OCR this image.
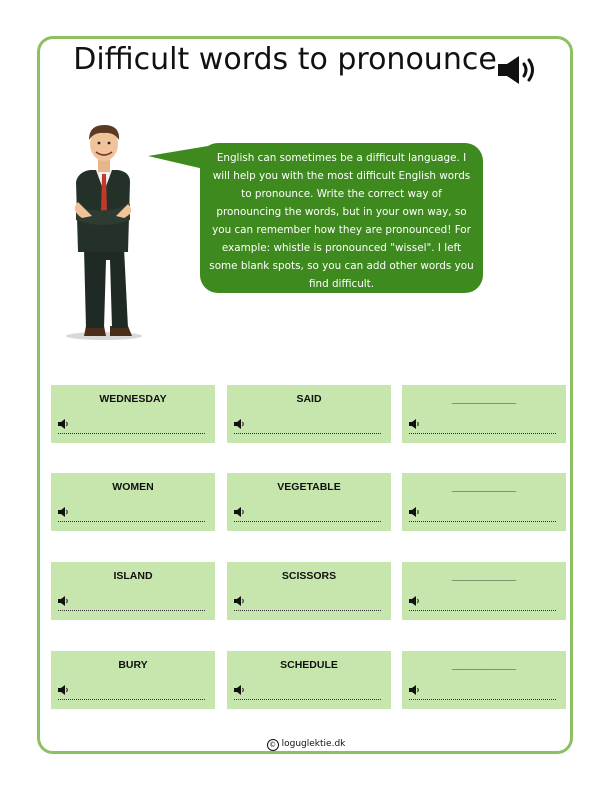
Difficult words to pronounce
English can sometimes be a difficult language. I will help you with the most difficult English words to pronounce. Write the correct way of pronouncing the words, but in your own way, so you can remember how they are pronounced! For example: whistle is pronounced "wissel". I left some blank spots, so you can add other words you find difficult.
WEDNESDAY	SAID	___________
WOMEN	VEGETABLE	___________
ISLAND	SCISSORS	___________
BURY	SCHEDULE	___________
© loguglektie.dk
